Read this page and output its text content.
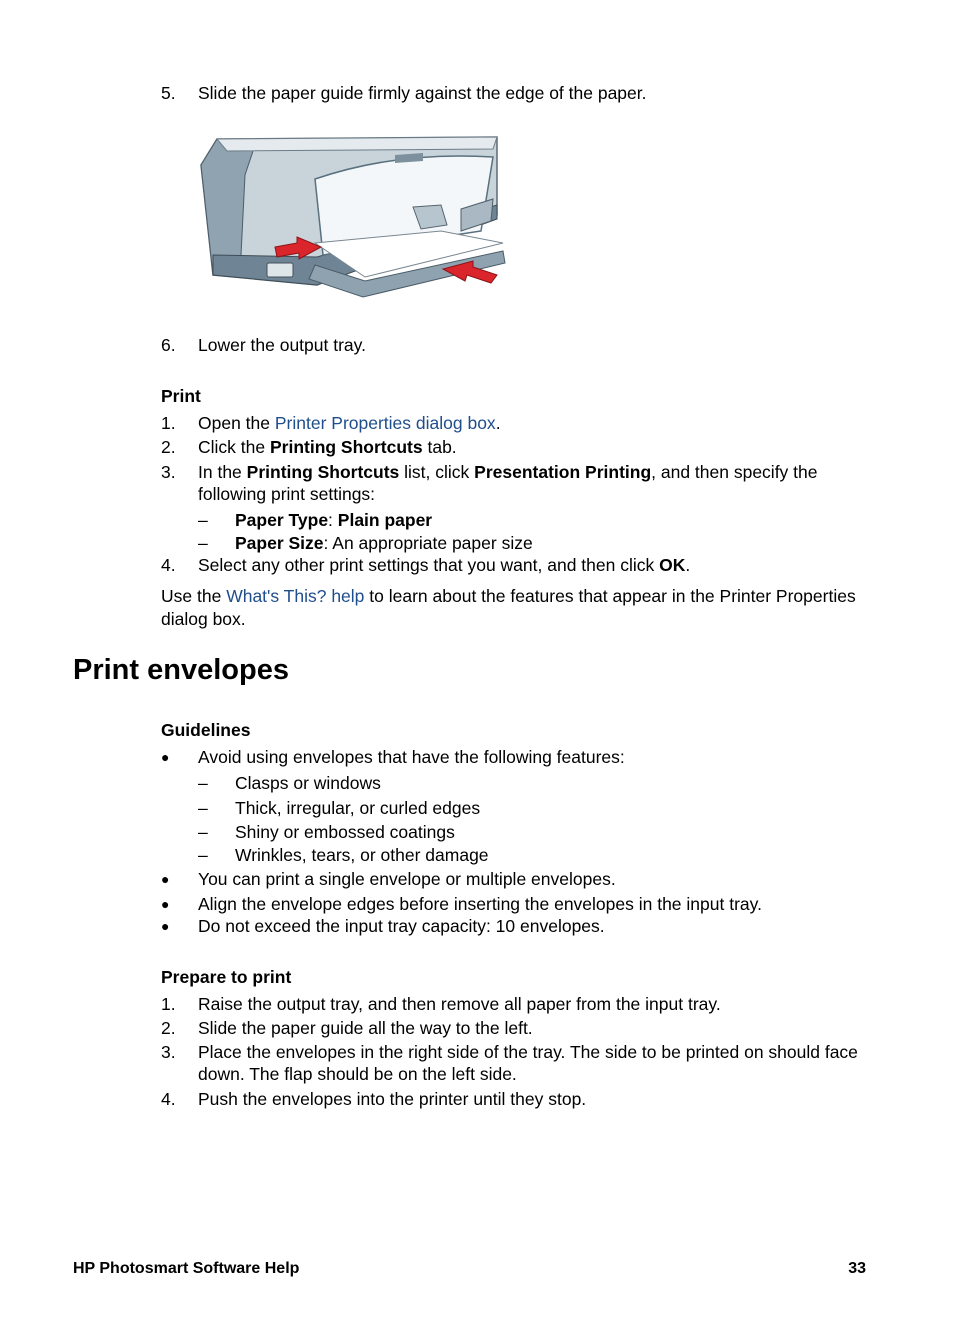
5. Slide the paper guide firmly against the edge of the paper.
6. Lower the output tray.

Print

1. Open the Printer Properties dialog box.
2. Click the Printing Shortcuts tab.
3. In the Printing Shortcuts list, click Presentation Printing, and then specify the following print settings:
– Paper Type: Plain paper
– Paper Size: An appropriate paper size
4. Select any other print settings that you want, and then click OK.

Use the What's This? help to learn about the features that appear in the Printer Properties dialog box.

Print envelopes

Guidelines

● Avoid using envelopes that have the following features:
– Clasps or windows
– Thick, irregular, or curled edges
– Shiny or embossed coatings
– Wrinkles, tears, or other damage
● You can print a single envelope or multiple envelopes.
● Align the envelope edges before inserting the envelopes in the input tray.
● Do not exceed the input tray capacity: 10 envelopes.

Prepare to print

1. Raise the output tray, and then remove all paper from the input tray.
2. Slide the paper guide all the way to the left.
3. Place the envelopes in the right side of the tray. The side to be printed on should face down. The flap should be on the left side.
4. Push the envelopes into the printer until they stop.

HP Photosmart Software Help	33
